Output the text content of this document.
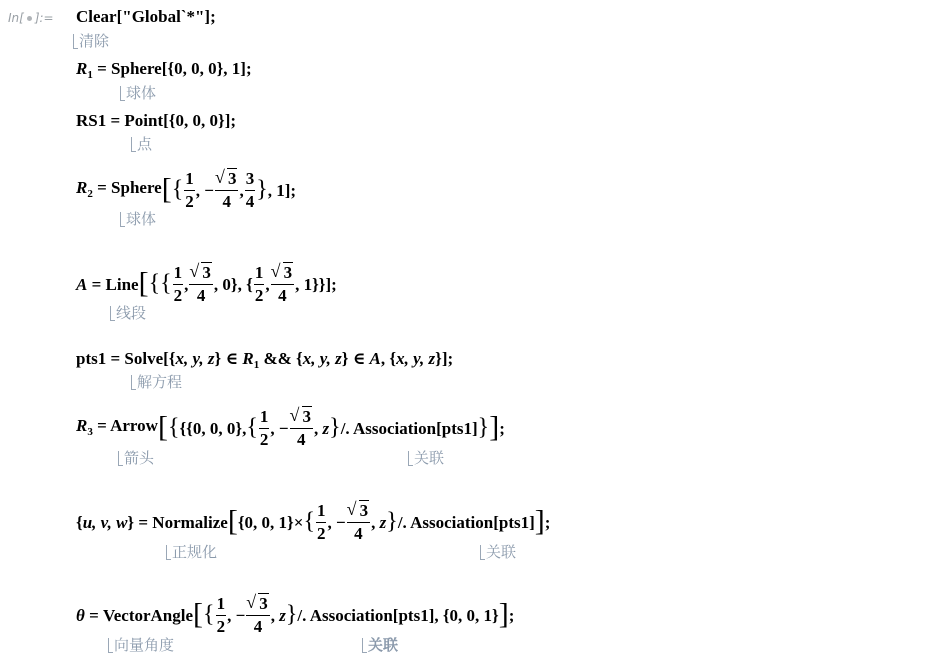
In[ ]:= Clear["Global`*"];
清除
$R_1$ = Sphere[{0, 0, 0}, 1];
球体
RS1 = Point[{0, 0, 0}];
点
$R_2$ = Sphere[{ $\frac{1}{2}$ , − √ $\frac{3}{4}$ , $\frac{3}{4}$ }, 1];
球体
A = Line[{{ $\frac{1}{2}$ , √ $\frac{3}{4}$ , 0}, { $\frac{1}{2}$ , √ $\frac{3}{4}$ , 1}}];
线段
pts1 = Solve[{x, y, z} ∈ $R_1$ && {x, y, z} ∈ A, {x, y, z}];
解方程
$R_3$ = Arrow[{{{0, 0, $0\},\{ \frac{1}{2}$ , − √ $\frac{3}{4}$ , z}/. Association[pts1]}];
箭头	关联
{u, v, w} = Normalize[{0, 0, $1\}\times\{ \frac{1}{2}$ , − √ $\frac{3}{4}$ , z}/. Association[pts1]];
正规化	关联
θ = VectorAngle[{ $\frac{1}{2}$ , − √ $\frac{3}{4}$ , z}/. Association[pts1], {0, 0, 1}];
向量角度	关联
